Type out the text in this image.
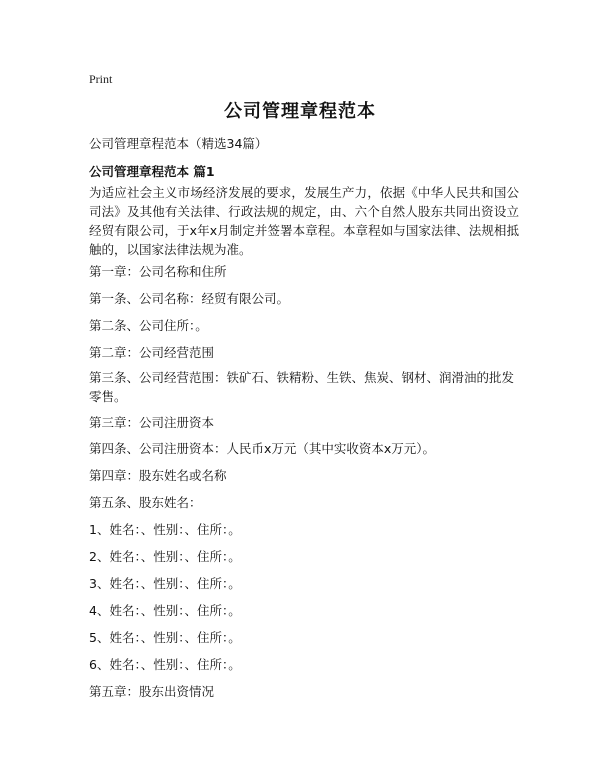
Print
公司管理章程范本
公司管理章程范本（精选34篇）
公司管理章程范本 篇1
为适应社会主义市场经济发展的要求，发展生产力，依据《中华人民共和国公司法》及其他有关法律、行政法规的规定，由、六个自然人股东共同出资设立经贸有限公司，于x年x月制定并签署本章程。本章程如与国家法律、法规相抵触的，以国家法律法规为准。
第一章：公司名称和住所
第一条、公司名称：经贸有限公司。
第二条、公司住所：。
第二章：公司经营范围
第三条、公司经营范围：铁矿石、铁精粉、生铁、焦炭、钢材、润滑油的批发零售。
第三章：公司注册资本
第四条、公司注册资本：人民币x万元（其中实收资本x万元）。
第四章：股东姓名或名称
第五条、股东姓名：
1、姓名：、性别：、住所：。
2、姓名：、性别：、住所：。
3、姓名：、性别：、住所：。
4、姓名：、性别：、住所：。
5、姓名：、性别：、住所：。
6、姓名：、性别：、住所：。
第五章：股东出资情况
